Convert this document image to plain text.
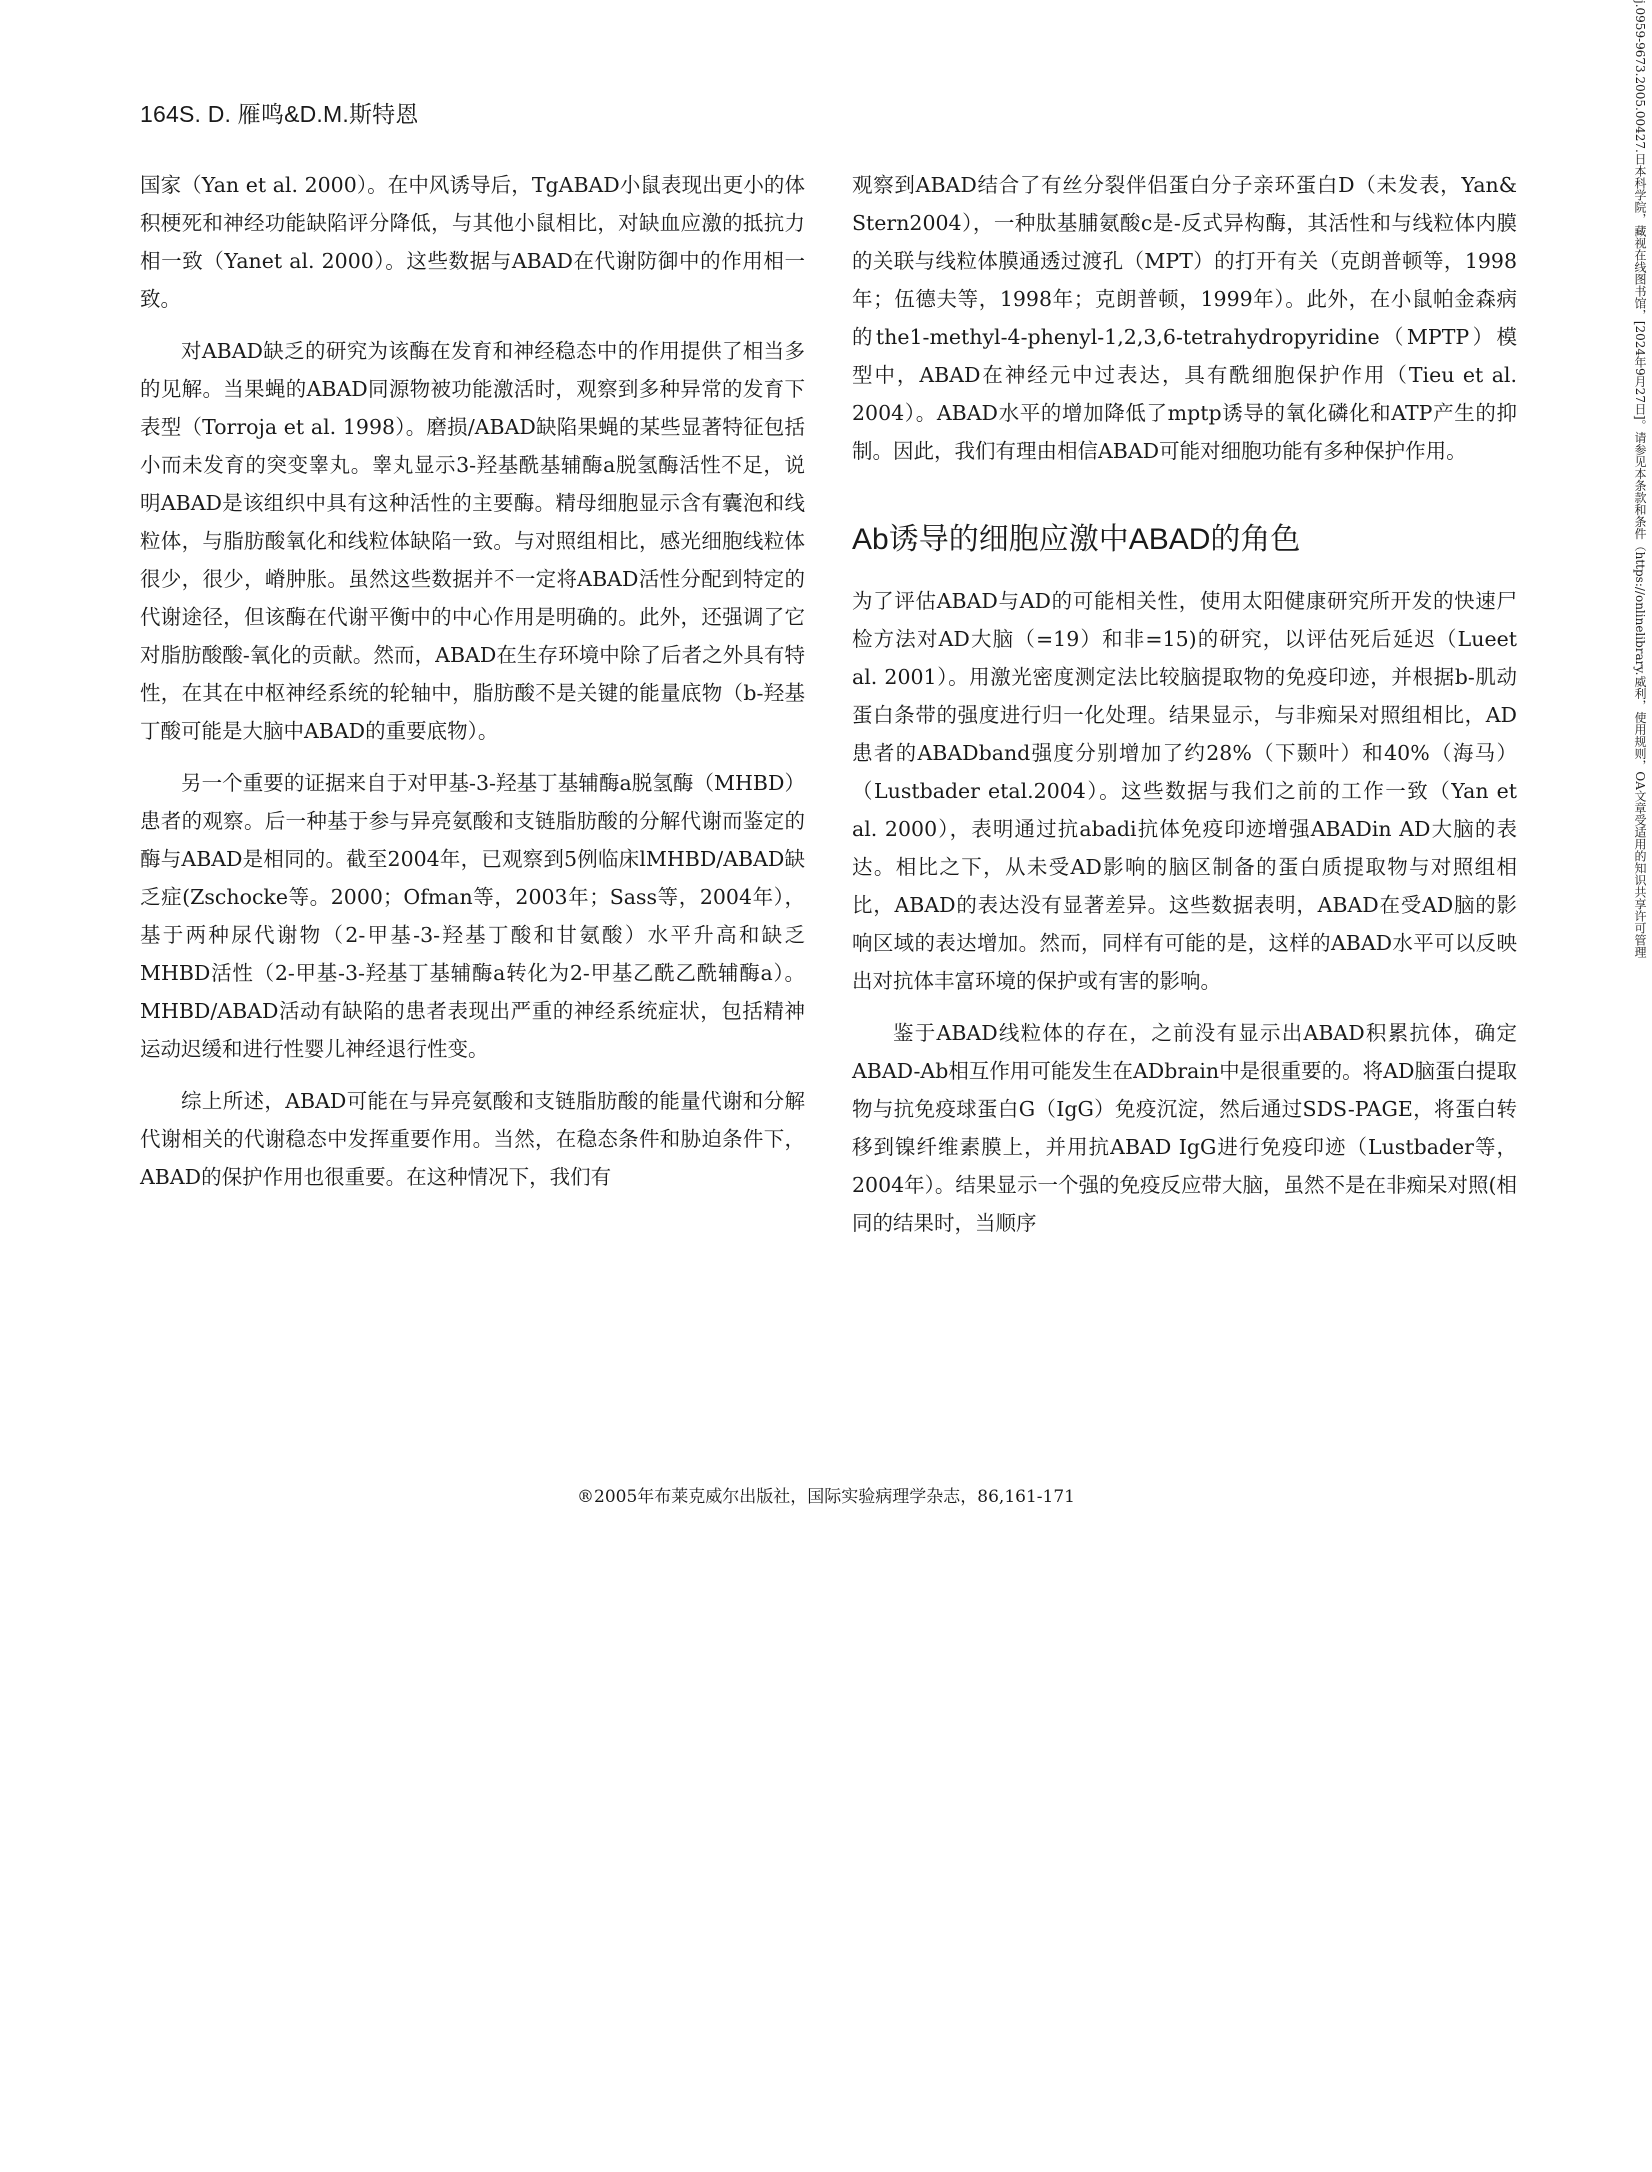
164S. D. 雁鸣&D.M.斯特恩

国家（Yan et al. 2000）。在中风诱导后，TgABAD小鼠表现出更小的体积梗死和神经功能缺陷评分降低，与其他小鼠相比，对缺血应激的抵抗力相一致（Yanet al. 2000）。这些数据与ABAD在代谢防御中的作用相一致。

对ABAD缺乏的研究为该酶在发育和神经稳态中的作用提供了相当多的见解。当果蝇的ABAD同源物被功能激活时，观察到多种异常的发育下表型（Torroja et al. 1998）。磨损/ABAD缺陷果蝇的某些显著特征包括小而未发育的突变睾丸。睾丸显示3-羟基酰基辅酶a脱氢酶活性不足，说明ABAD是该组织中具有这种活性的主要酶。精母细胞显示含有囊泡和线粒体，与脂肪酸氧化和线粒体缺陷一致。与对照组相比，感光细胞线粒体很少，很少，嵴肿胀。虽然这些数据并不一定将ABAD活性分配到特定的代谢途径，但该酶在代谢平衡中的中心作用是明确的。此外，还强调了它对脂肪酸酸-氧化的贡献。然而，ABAD在生存环境中除了后者之外具有特性，在其在中枢神经系统的轮轴中，脂肪酸不是关键的能量底物（b-羟基丁酸可能是大脑中ABAD的重要底物）。

另一个重要的证据来自于对甲基-3-羟基丁基辅酶a脱氢酶（MHBD）患者的观察。后一种基于参与异亮氨酸和支链脂肪酸的分解代谢而鉴定的酶与ABAD是相同的。截至2004年，已观察到5例临床lMHBD/ABAD缺乏症(Zschocke等。2000；Ofman等，2003年；Sass等，2004年），基于两种尿代谢物（2-甲基-3-羟基丁酸和甘氨酸）水平升高和缺乏MHBD活性（2-甲基-3-羟基丁基辅酶a转化为2-甲基乙酰乙酰辅酶a）。MHBD/ABAD活动有缺陷的患者表现出严重的神经系统症状，包括精神运动迟缓和进行性婴儿神经退行性变。

综上所述，ABAD可能在与异亮氨酸和支链脂肪酸的能量代谢和分解代谢相关的代谢稳态中发挥重要作用。当然，在稳态条件和胁迫条件下，ABAD的保护作用也很重要。在这种情况下，我们有

观察到ABAD结合了有丝分裂伴侣蛋白分子亲环蛋白D（未发表，Yan& Stern2004），一种肽基脯氨酸c是-反式异构酶，其活性和与线粒体内膜的关联与线粒体膜通透过渡孔（MPT）的打开有关（克朗普顿等，1998年；伍德夫等，1998年；克朗普顿，1999年）。此外，在小鼠帕金森病的the1-methyl-4-phenyl-1,2,3,6-tetrahydropyridine（MPTP）模型中，ABAD在神经元中过表达，具有酰细胞保护作用（Tieu et al. 2004）。ABAD水平的增加降低了mptp诱导的氧化磷化和ATP产生的抑制。因此，我们有理由相信ABAD可能对细胞功能有多种保护作用。

Ab诱导的细胞应激中ABAD的角色

为了评估ABAD与AD的可能相关性，使用太阳健康研究所开发的快速尸检方法对AD大脑（=19）和非=15)的研究，以评估死后延迟（Lueet al. 2001）。用激光密度测定法比较脑提取物的免疫印迹，并根据b-肌动蛋白条带的强度进行归一化处理。结果显示，与非痴呆对照组相比，AD患者的ABADband强度分别增加了约28%（下颞叶）和40%（海马）（Lustbader etal.2004）。这些数据与我们之前的工作一致（Yan et al. 2000），表明通过抗abadi抗体免疫印迹增强ABADin AD大脑的表达。相比之下，从未受AD影响的脑区制备的蛋白质提取物与对照组相比，ABAD的表达没有显著差异。这些数据表明，ABAD在受AD脑的影响区域的表达增加。然而，同样有可能的是，这样的ABAD水平可以反映出对抗体丰富环境的保护或有害的影响。

鉴于ABAD线粒体的存在，之前没有显示出ABAD积累抗体，确定ABAD-Ab相互作用可能发生在ADbrain中是很重要的。将AD脑蛋白提取物与抗免疫球蛋白G（IgG）免疫沉淀，然后通过SDS-PAGE，将蛋白转移到镍纤维素膜上，并用抗ABAD IgG进行免疫印迹（Lustbader等，2004年）。结果显示一个强的免疫反应带大脑，虽然不是在非痴呆对照(相同的结果时，当顺序

®2005年布莱克威尔出版社，国际实验病理学杂志，86,161-171
j.0959-9673.2005.00427.日本科学院，藏视在线图书馆，[2024年9月27日]。请参见本条款和条件（https://onlinelibrary.威利，使用规则，OA文章受适用的知识共享许可管理
